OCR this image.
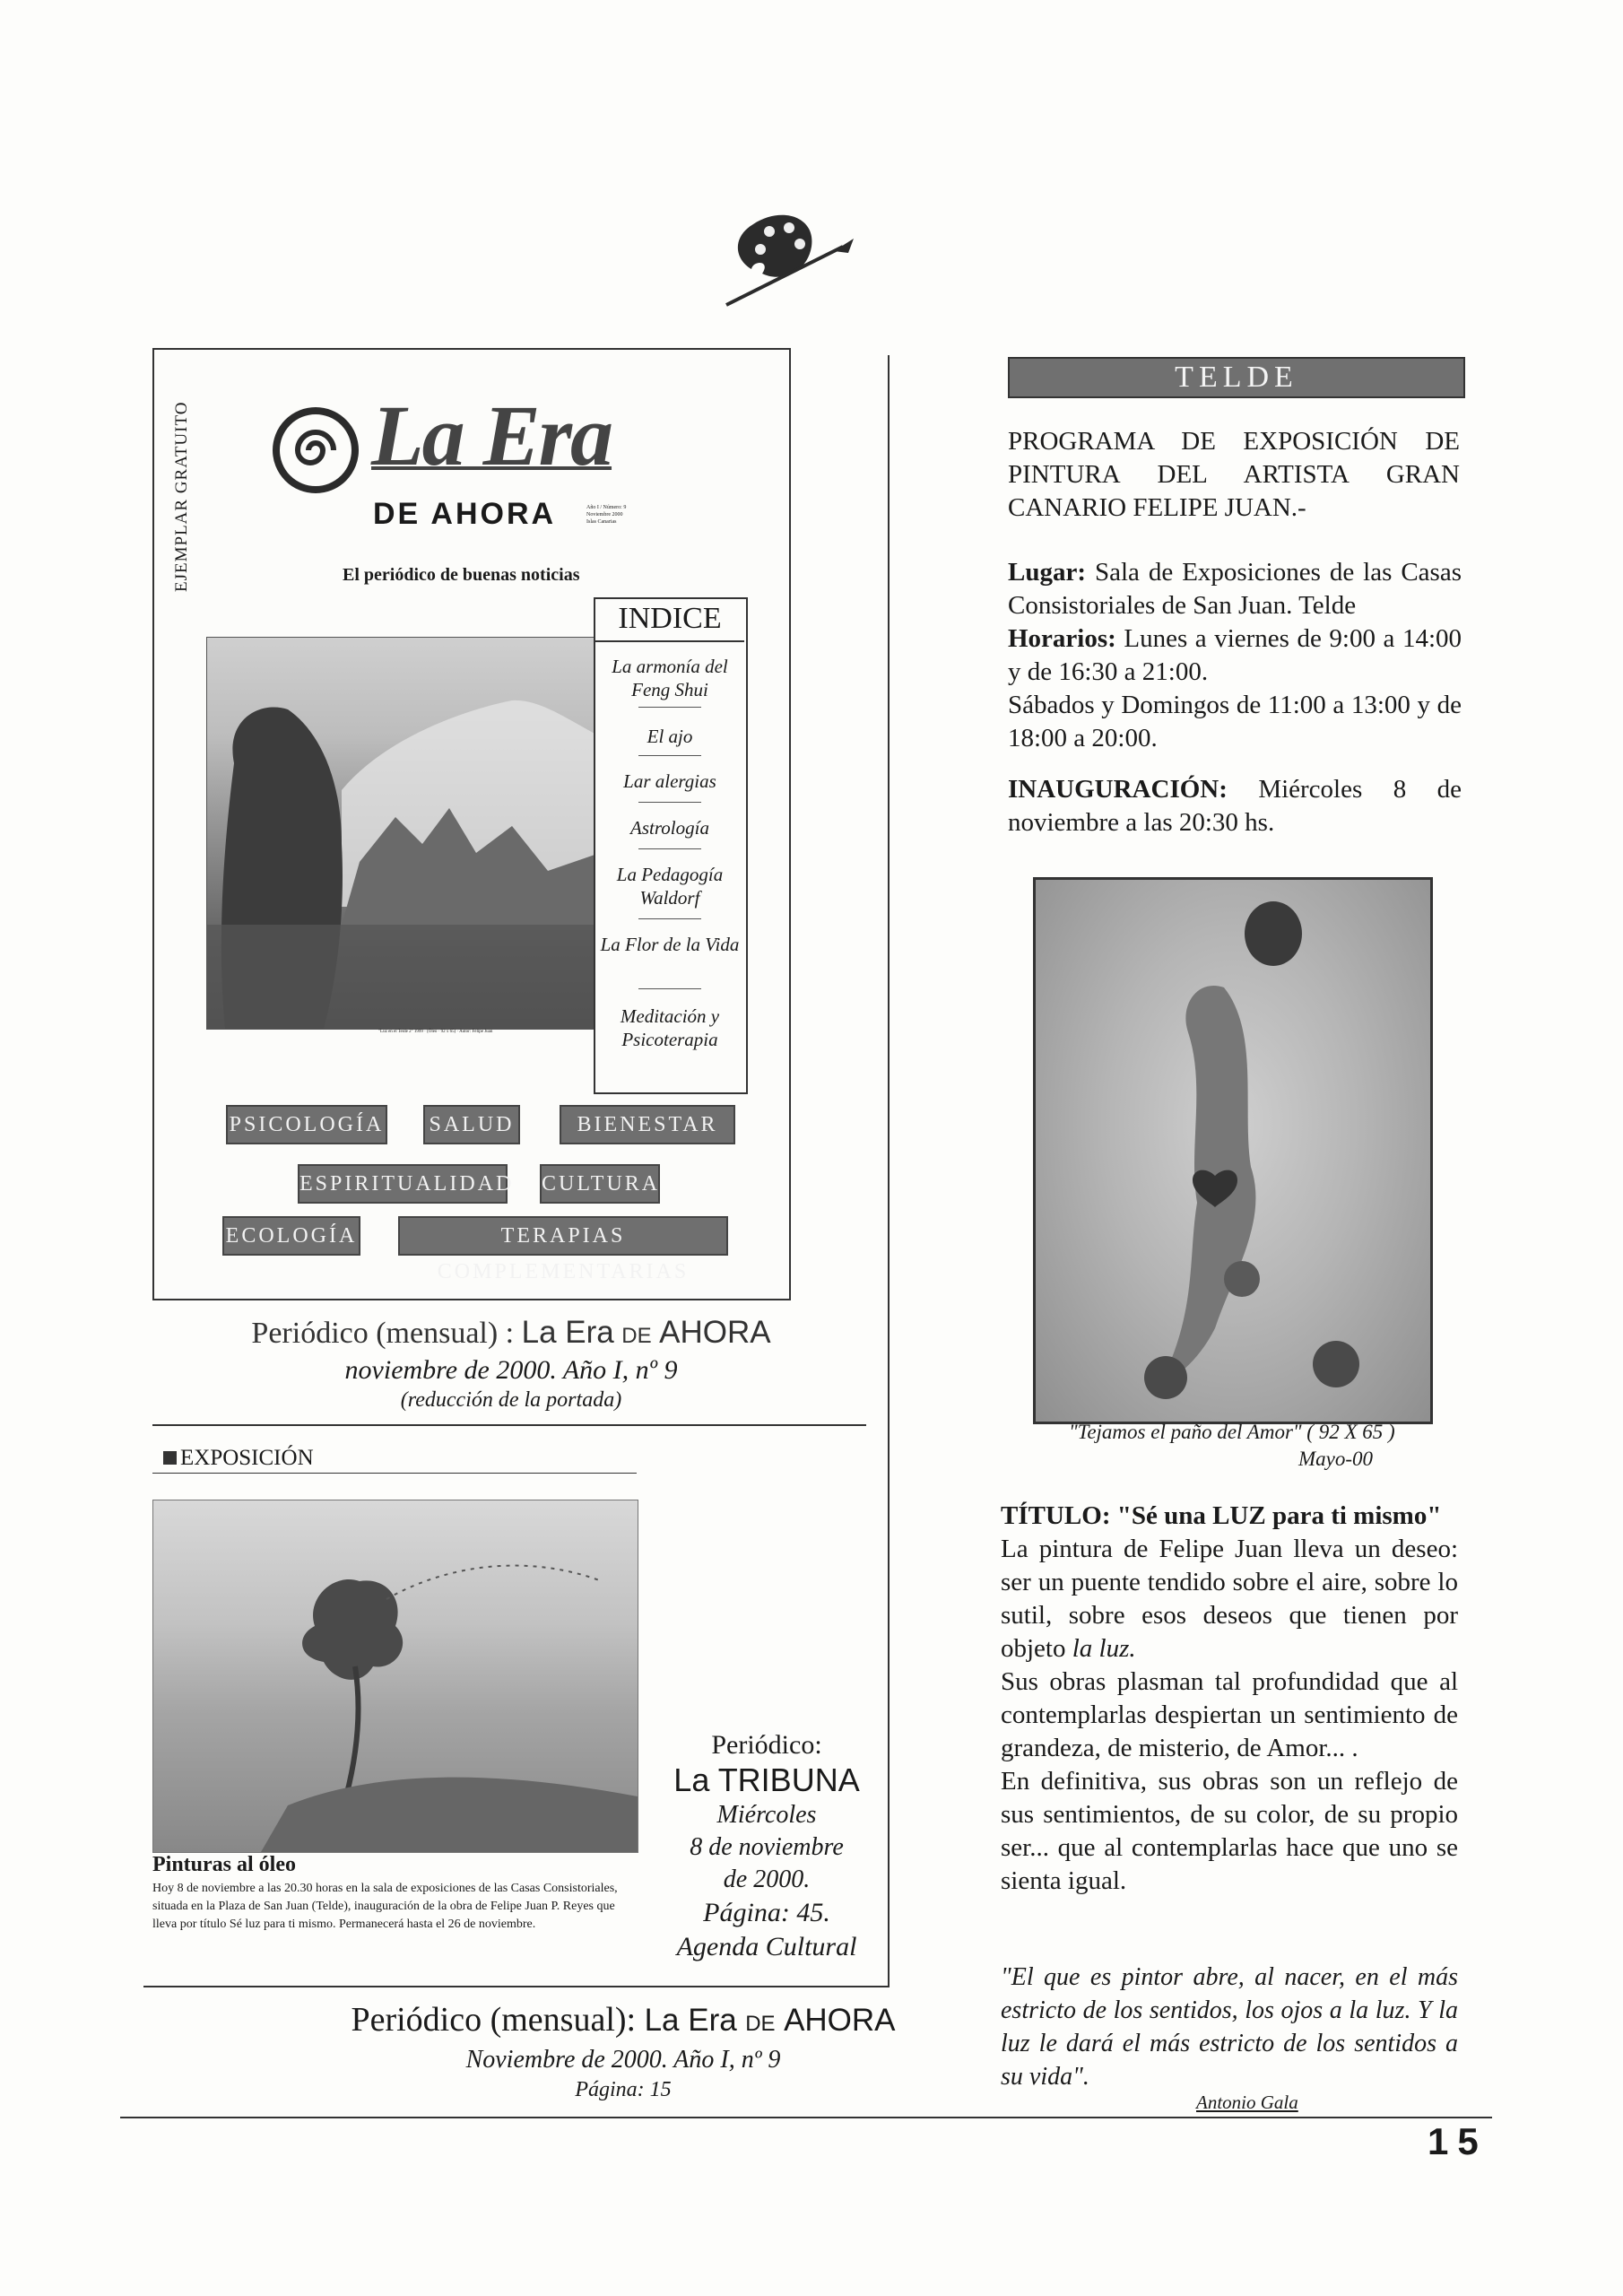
EJEMPLAR GRATUITO La Era
DE AHORA	Año I / Número: 9
Noviembre 2000
Islas Canarias
El periódico de buenas noticias
"Luz en el Teide 2" 1999 · (Óleo · 92 x 65) · Autor: Felipe Juan
INDICE
La armonía del Feng Shui
El ajo
Lar alergias
Astrología
La Pedagogía Waldorf
La Flor de la Vida
Meditación y Psicoterapia
PSICOLOGÍA SALUD	BIENESTAR
ESPIRITUALIDAD CULTURA
ECOLOGÍA	TERAPIAS COMPLEMENTARIAS
Periódico (mensual) : La Era DE AHORA
noviembre de 2000. Año I, nº 9
(reducción de la portada)
EXPOSICIÓN
Pinturas al óleo
Hoy 8 de noviembre a las 20.30 horas en la sala de exposiciones de las Casas Consistoriales, situada en la Plaza de San Juan (Telde), inauguración de la obra de Felipe Juan P. Reyes que lleva por título Sé luz para ti mismo. Permanecerá hasta el 26 de noviembre.
Periódico:
La TRIBUNA
Miércoles
8 de noviembre
de 2000.
Página: 45.
Agenda Cultural
Periódico (mensual): La Era DE AHORA
Noviembre de 2000. Año I, nº 9
Página: 15
TELDE
PROGRAMA DE EXPOSICIÓN DE PINTURA DEL ARTISTA GRAN CANARIO FELIPE JUAN.-
Lugar: Sala de Exposiciones de las Casas Consistoriales de San Juan. Telde
Horarios: Lunes a viernes de 9:00 a 14:00 y de 16:30 a 21:00.
Sábados y Domingos de 11:00 a 13:00 y de 18:00 a 20:00.
INAUGURACIÓN: Miércoles 8 de noviembre a las 20:30 hs.
"Tejamos el paño del Amor" ( 92 X 65 )
Mayo-00
TÍTULO: "Sé una LUZ para ti mismo"
La pintura de Felipe Juan lleva un deseo: ser un puente tendido sobre el aire, sobre lo sutil, sobre esos deseos que tienen por objeto la luz.
Sus obras plasman tal profundidad que al contemplarlas despiertan un sentimiento de grandeza, de misterio, de Amor... .
En definitiva, sus obras son un reflejo de sus sentimientos, de su color, de su propio ser... que al contemplarlas hace que uno se sienta igual.
"El que es pintor abre, al nacer, en el más estricto de los sentidos, los ojos a la luz. Y la luz le dará el más estricto de los sentidos a su vida".
Antonio Gala
15
